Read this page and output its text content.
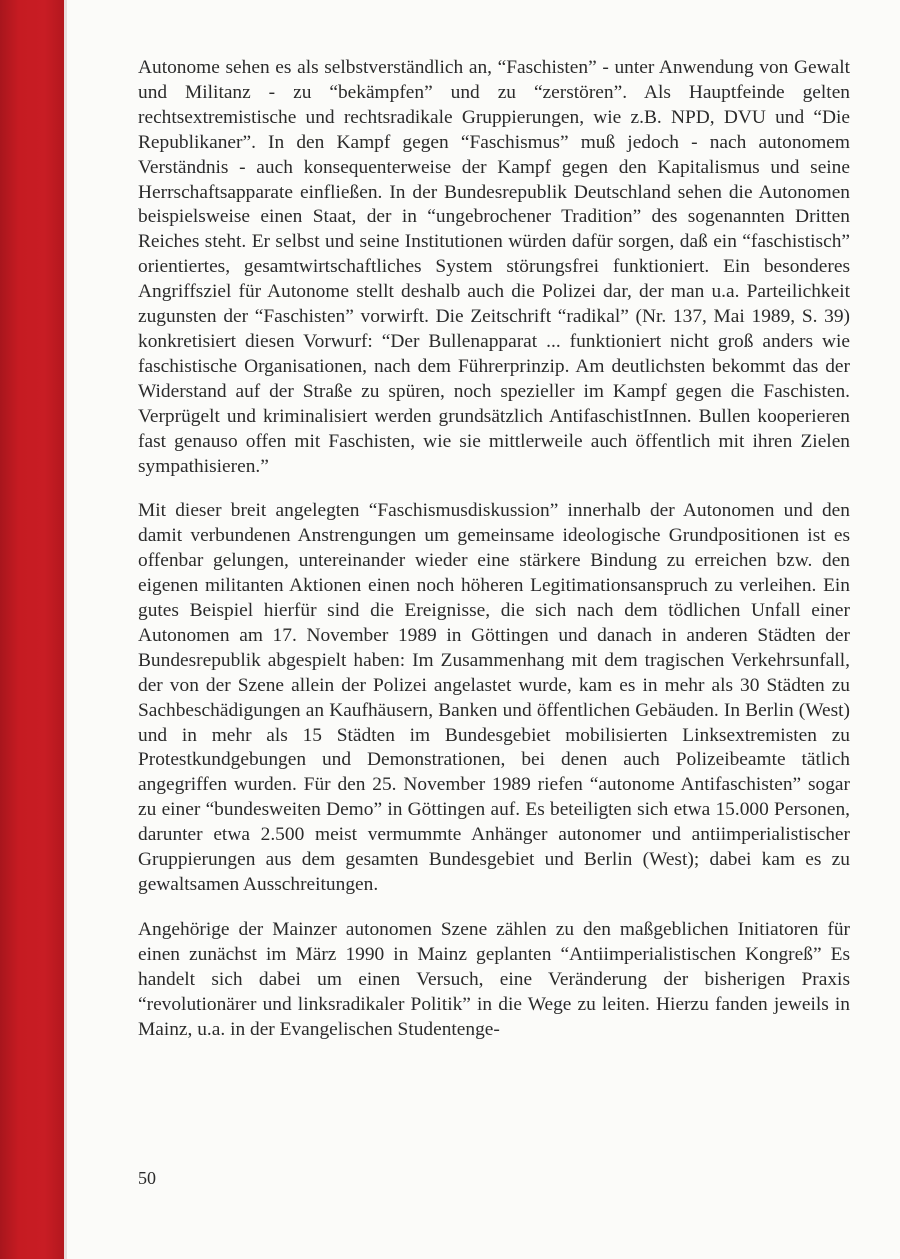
Autonome sehen es als selbstverständlich an, “Faschisten” - unter Anwendung von Gewalt und Militanz - zu “bekämpfen” und zu “zerstören”. Als Hauptfeinde gelten rechtsextremistische und rechtsradikale Gruppierungen, wie z.B. NPD, DVU und “Die Republikaner”. In den Kampf gegen “Faschismus” muß jedoch - nach autonomem Verständnis - auch konsequenterweise der Kampf gegen den Kapitalismus und seine Herrschaftsapparate einfließen. In der Bundesrepublik Deutschland sehen die Autonomen beispielsweise einen Staat, der in “ungebrochener Tradition” des sogenannten Dritten Reiches steht. Er selbst und seine Institutionen würden dafür sorgen, daß ein “faschistisch” orientiertes, gesamtwirtschaftliches System störungsfrei funktioniert. Ein besonderes Angriffsziel für Autonome stellt deshalb auch die Polizei dar, der man u.a. Parteilichkeit zugunsten der “Faschisten” vorwirft. Die Zeitschrift “radikal” (Nr. 137, Mai 1989, S. 39) konkretisiert diesen Vorwurf: “Der Bullenapparat ... funktioniert nicht groß anders wie faschistische Organisationen, nach dem Führerprinzip. Am deutlichsten bekommt das der Widerstand auf der Straße zu spüren, noch spezieller im Kampf gegen die Faschisten. Verprügelt und kriminalisiert werden grundsätzlich AntifaschistInnen. Bullen kooperieren fast genauso offen mit Faschisten, wie sie mittlerweile auch öffentlich mit ihren Zielen sympathisieren.”

Mit dieser breit angelegten “Faschismusdiskussion” innerhalb der Autonomen und den damit verbundenen Anstrengungen um gemeinsame ideologische Grundpositionen ist es offenbar gelungen, untereinander wieder eine stärkere Bindung zu erreichen bzw. den eigenen militanten Aktionen einen noch höheren Legitimationsanspruch zu verleihen. Ein gutes Beispiel hierfür sind die Ereignisse, die sich nach dem tödlichen Unfall einer Autonomen am 17. November 1989 in Göttingen und danach in anderen Städten der Bundesrepublik abgespielt haben: Im Zusammenhang mit dem tragischen Verkehrsunfall, der von der Szene allein der Polizei angelastet wurde, kam es in mehr als 30 Städten zu Sachbeschädigungen an Kaufhäusern, Banken und öffentlichen Gebäuden. In Berlin (West) und in mehr als 15 Städten im Bundesgebiet mobilisierten Linksextremisten zu Protestkundgebungen und Demonstrationen, bei denen auch Polizeibeamte tätlich angegriffen wurden. Für den 25. November 1989 riefen “autonome Antifaschisten” sogar zu einer “bundesweiten Demo” in Göttingen auf. Es beteiligten sich etwa 15.000 Personen, darunter etwa 2.500 meist vermummte Anhänger autonomer und antiimperialistischer Gruppierungen aus dem gesamten Bundesgebiet und Berlin (West); dabei kam es zu gewaltsamen Ausschreitungen.

Angehörige der Mainzer autonomen Szene zählen zu den maßgeblichen Initiatoren für einen zunächst im März 1990 in Mainz geplanten “Antiimperialistischen Kongreß” Es handelt sich dabei um einen Versuch, eine Veränderung der bisherigen Praxis “revolutionärer und linksradikaler Politik” in die Wege zu leiten. Hierzu fanden jeweils in Mainz, u.a. in der Evangelischen Studentenge-

50
